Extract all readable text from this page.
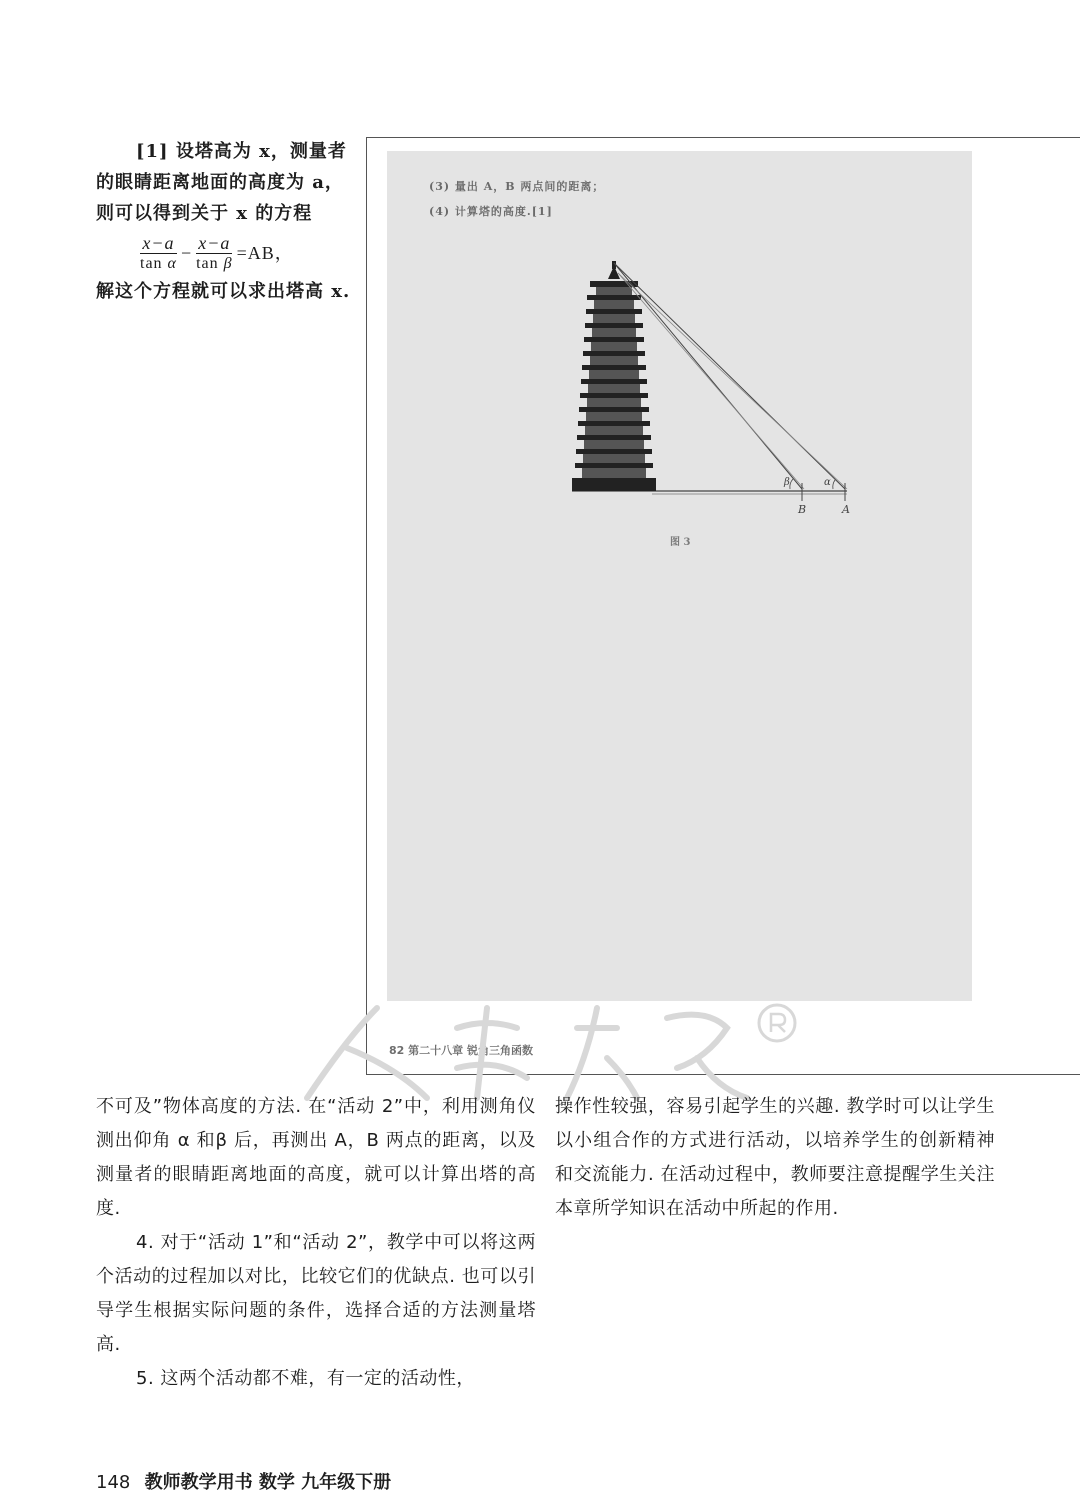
[1] 设塔高为 x，测量者的眼睛距离地面的高度为 a，则可以得到关于 x 的方程

$\frac{x-a}{\text{tan α}} - \frac{x-a}{\text{tan β}} =AB$，

解这个方程就可以求出塔高 x.

(3) 量出 A，B 两点间的距离；
(4) 计算塔的高度.[1]
β	α
B	A
图 3
82 第二十八章 锐角三角函数

不可及”物体高度的方法. 在“活动 2”中，利用测角仪测出仰角 α 和β 后，再测出 A，B 两点的距离，以及测量者的眼睛距离地面的高度，就可以计算出塔的高度.

4. 对于“活动 1”和“活动 2”，教学中可以将这两个活动的过程加以对比，比较它们的优缺点. 也可以引导学生根据实际问题的条件，选择合适的方法测量塔高.

5. 这两个活动都不难，有一定的活动性，

操作性较强，容易引起学生的兴趣. 教学时可以让学生以小组合作的方式进行活动，以培养学生的创新精神和交流能力. 在活动过程中，教师要注意提醒学生关注本章所学知识在活动中所起的作用.

148 教师教学用书 数学 九年级下册
